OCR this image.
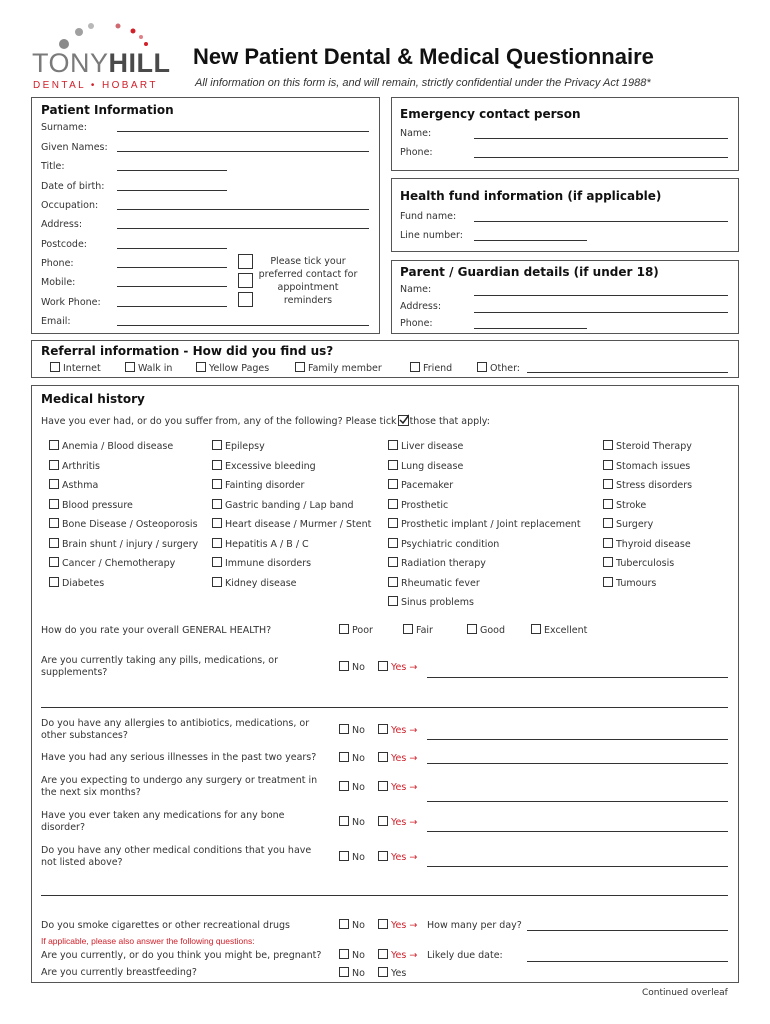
TONYHILL
DENTAL • HOBART
New Patient Dental & Medical Questionnaire
All information on this form is, and will remain, strictly confidential under the Privacy Act 1988*
Patient Information
Surname:
Given Names:
Title:
Date of birth:
Occupation:
Address:
Postcode:
Phone:
Mobile:
Work Phone:
Email:
Please tick your preferred contact for appointment reminders
Emergency contact person
Name:
Phone:
Health fund information (if applicable)
Fund name:
Line number:
Parent / Guardian details (if under 18)
Name:
Address:
Phone:
Referral information - How did you find us?
Internet	Walk in	Yellow Pages	Family member	Friend	Other:
Medical history
Have you ever had, or do you suffer from, any of the following? Please tick those that apply:
Anemia / Blood disease
Arthritis
Asthma
Blood pressure
Bone Disease / Osteoporosis
Brain shunt / injury / surgery
Cancer / Chemotherapy
Diabetes
Epilepsy
Excessive bleeding
Fainting disorder
Gastric banding / Lap band
Heart disease / Murmer / Stent
Hepatitis A / B / C
Immune disorders
Kidney disease
Liver disease
Lung disease
Pacemaker
Prosthetic
Prosthetic implant / Joint replacement
Psychiatric condition
Radiation therapy
Rheumatic fever
Sinus problems
Steroid Therapy
Stomach issues
Stress disorders
Stroke
Surgery
Thyroid disease
Tuberculosis
Tumours
How do you rate your overall GENERAL HEALTH?	Poor	Fair	Good	Excellent
Are you currently taking any pills, medications, or supplements?	No	Yes →
Do you have any allergies to antibiotics, medications, or other substances?	No	Yes →
Have you had any serious illnesses in the past two years?	No	Yes →
Are you expecting to undergo any surgery or treatment in the next six months?	No	Yes →
Have you ever taken any medications for any bone disorder?	No	Yes →
Do you have any other medical conditions that you have not listed above?	No	Yes →
Do you smoke cigarettes or other recreational drugs	No	Yes → How many per day?
If applicable, please also answer the following questions:
Are you currently, or do you think you might be, pregnant?	No	Yes → Likely due date:
Are you currently breastfeeding?	No	Yes
Continued overleaf
